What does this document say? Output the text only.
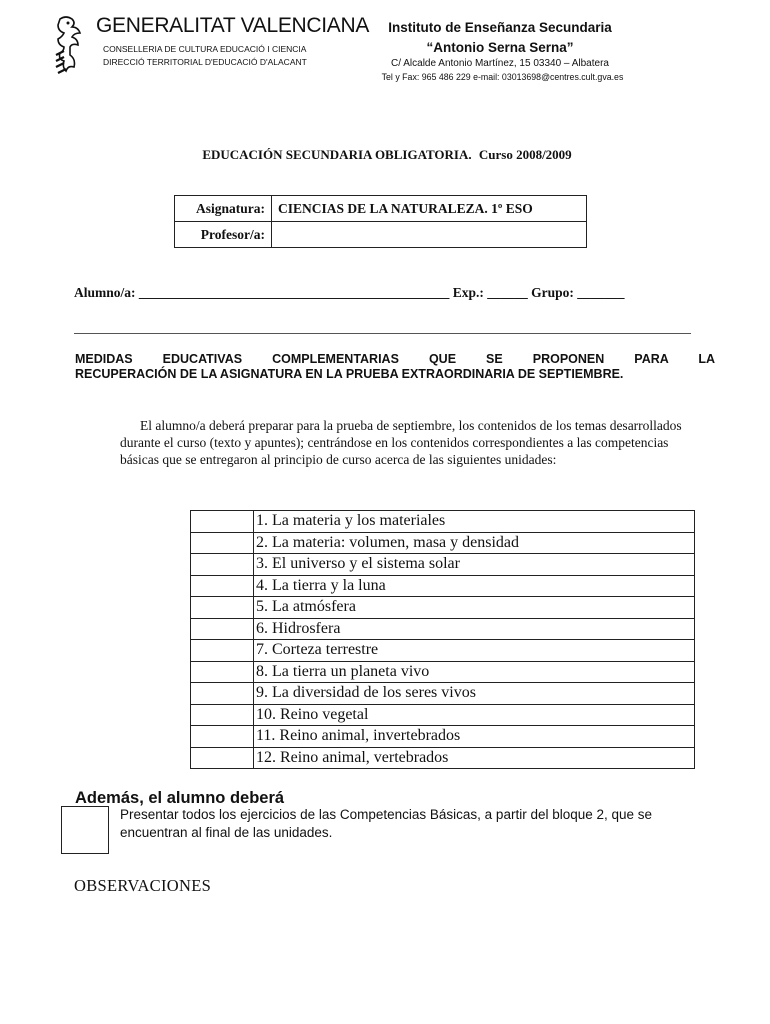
GENERALITAT VALENCIANA
CONSELLERIA DE CULTURA EDUCACIÓ I CIENCIA
DIRECCIÓ TERRITORIAL D'EDUCACIÓ D'ALACANT
Instituto de Enseñanza Secundaria
“Antonio Serna Serna”
C/ Alcalde Antonio Martínez, 15 03340 – Albatera
Tel y Fax: 965 486 229 e-mail: 03013698@centres.cult.gva.es
EDUCACIÓN SECUNDARIA OBLIGATORIA. Curso 2008/2009
Asignatura:	CIENCIAS DE LA NATURALEZA. 1º ESO
Profesor/a:	
Alumno/a: ______________________________________________ Exp.: ______ Grupo: _______
MEDIDAS EDUCATIVAS COMPLEMENTARIAS QUE SE PROPONEN PARA LA
RECUPERACIÓN DE LA ASIGNATURA EN LA PRUEBA EXTRAORDINARIA DE SEPTIEMBRE.
El alumno/a deberá preparar para la prueba de septiembre, los contenidos de los temas desarrollados durante el curso (texto y apuntes); centrándose en los contenidos correspondientes a las competencias básicas que se entregaron al principio de curso acerca de las siguientes unidades:
	1. La materia y los materiales
	2. La materia: volumen, masa y densidad
	3. El universo y el sistema solar
	4. La tierra y la luna
	5. La atmósfera
	6. Hidrosfera
	7. Corteza terrestre
	8. La tierra un planeta vivo
	9. La diversidad de los seres vivos
	10. Reino vegetal
	11. Reino animal, invertebrados
	12. Reino animal, vertebrados
Además, el alumno deberá
Presentar todos los ejercicios de las Competencias Básicas, a partir del bloque 2, que se encuentran al final de las unidades.
OBSERVACIONES
